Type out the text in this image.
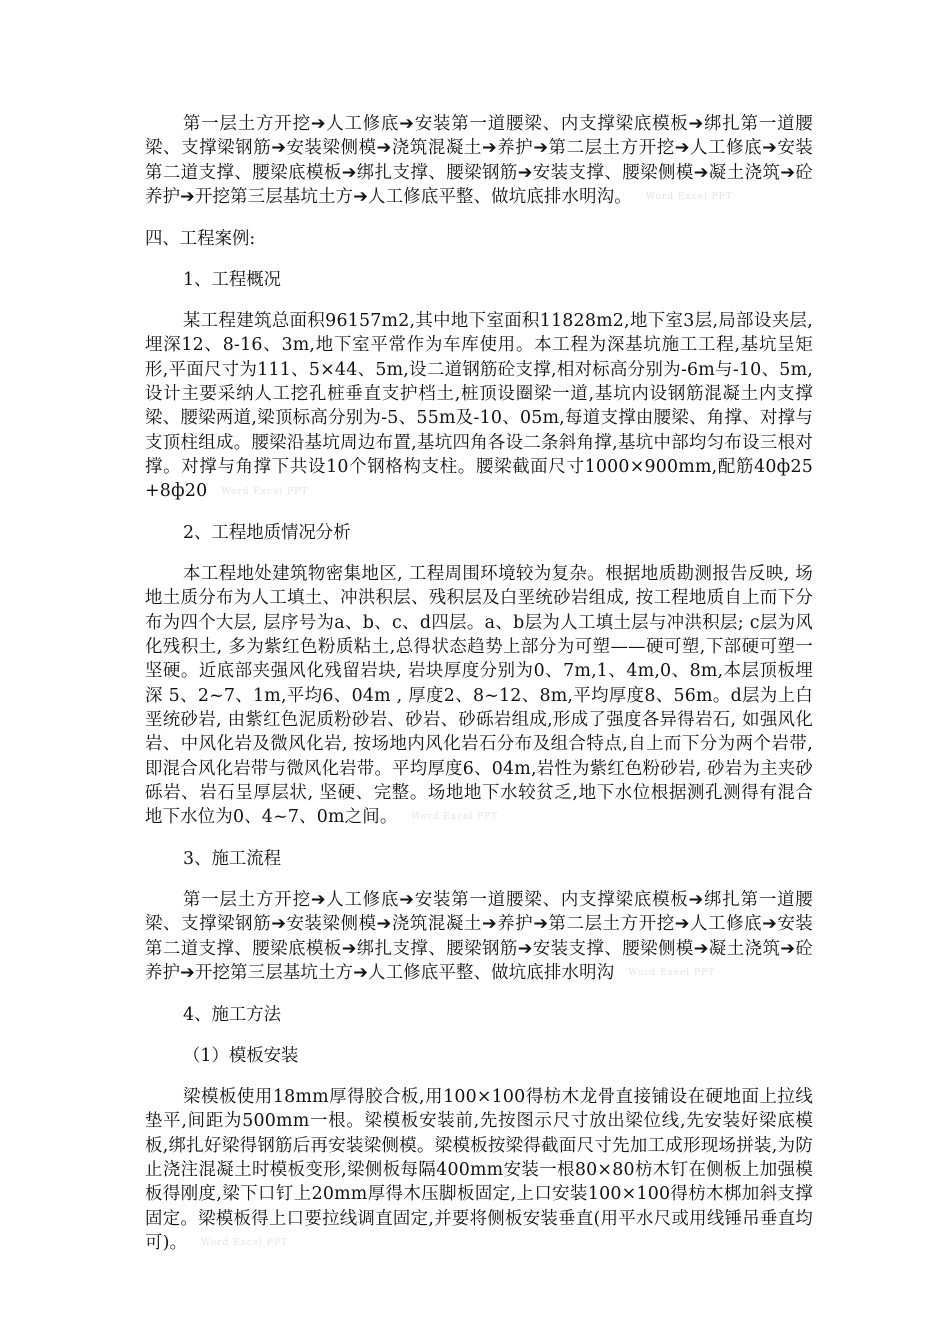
第一层土方开挖➔人工修底➔安装第一道腰梁、内支撑梁底模板➔绑扎第一道腰梁、支撑梁钢筋➔安装梁侧模➔浇筑混凝土➔养护➔第二层土方开挖➔人工修底➔安装第二道支撑、腰梁底模板➔绑扎支撑、腰梁钢筋➔安装支撑、腰梁侧模➔凝土浇筑➔砼养护➔开挖第三层基坑土方➔人工修底平整、做坑底排水明沟。 Word Excel PPT

四、工程案例:

1、工程概况

某工程建筑总面积96157m2,其中地下室面积11828m2,地下室3层,局部设夹层,埋深12、8-16、3m,地下室平常作为车库使用。本工程为深基坑施工工程,基坑呈矩形,平面尺寸为111、5×44、5m,设二道钢筋砼支撑,相对标高分别为-6m与-10、5m,设计主要采纳人工挖孔桩垂直支护档土,桩顶设圈梁一道,基坑内设钢筋混凝土内支撑梁、腰梁两道,梁顶标高分别为-5、55m及-10、05m,每道支撑由腰梁、角撑、对撑与支顶柱组成。腰梁沿基坑周边布置,基坑四角各设二条斜角撑,基坑中部均匀布设三根对撑。对撑与角撑下共设10个钢格构支柱。腰梁截面尺寸1000×900mm,配筋40ф25+8ф20 Word Excel PPT

2、工程地质情况分析

本工程地处建筑物密集地区, 工程周围环境较为复杂。根据地质勘测报告反映, 场地土质分布为人工填土、冲洪积层、残积层及白垩统砂岩组成, 按工程地质自上而下分布为四个大层, 层序号为a、b、c、d四层。a、b层为人工填土层与冲洪积层; c层为风化残积土, 多为紫红色粉质粘土,总得状态趋势上部分为可塑——硬可塑,下部硬可塑一坚硬。近底部夹强风化残留岩块, 岩块厚度分别为0、7m,1、4m,0、8m,本层顶板埋深 5、2~7、1m,平均6、04m , 厚度2、8~12、8m,平均厚度8、56m。d层为上白垩统砂岩, 由紫红色泥质粉砂岩、砂岩、砂砾岩组成,形成了强度各异得岩石, 如强风化岩、中风化岩及微风化岩, 按场地内风化岩石分布及组合特点,自上而下分为两个岩带, 即混合风化岩带与微风化岩带。平均厚度6、04m,岩性为紫红色粉砂岩, 砂岩为主夹砂砾岩、岩石呈厚层状, 坚硬、完整。场地地下水较贫乏,地下水位根据测孔测得有混合地下水位为0、4~7、0m之间。 Word Excel PPT

3、施工流程

第一层土方开挖➔人工修底➔安装第一道腰梁、内支撑梁底模板➔绑扎第一道腰梁、支撑梁钢筋➔安装梁侧模➔浇筑混凝土➔养护➔第二层土方开挖➔人工修底➔安装第二道支撑、腰梁底模板➔绑扎支撑、腰梁钢筋➔安装支撑、腰梁侧模➔凝土浇筑➔砼养护➔开挖第三层基坑土方➔人工修底平整、做坑底排水明沟 Word Excel PPT

4、施工方法

（1）模板安装

梁模板使用18mm厚得胶合板,用100×100得枋木龙骨直接铺设在硬地面上拉线垫平,间距为500mm一根。梁模板安装前,先按图示尺寸放出梁位线,先安装好梁底模板,绑扎好梁得钢筋后再安装梁侧模。梁模板按梁得截面尺寸先加工成形现场拼装,为防止浇注混凝土时模板变形,梁侧板每隔400mm安装一根80×80枋木钉在侧板上加强模板得刚度,梁下口钉上20mm厚得木压脚板固定,上口安装100×100得枋木梆加斜支撑固定。梁模板得上口要拉线调直固定,并要将侧板安装垂直(用平水尺或用线锤吊垂直均可)。 Word Excel PPT
